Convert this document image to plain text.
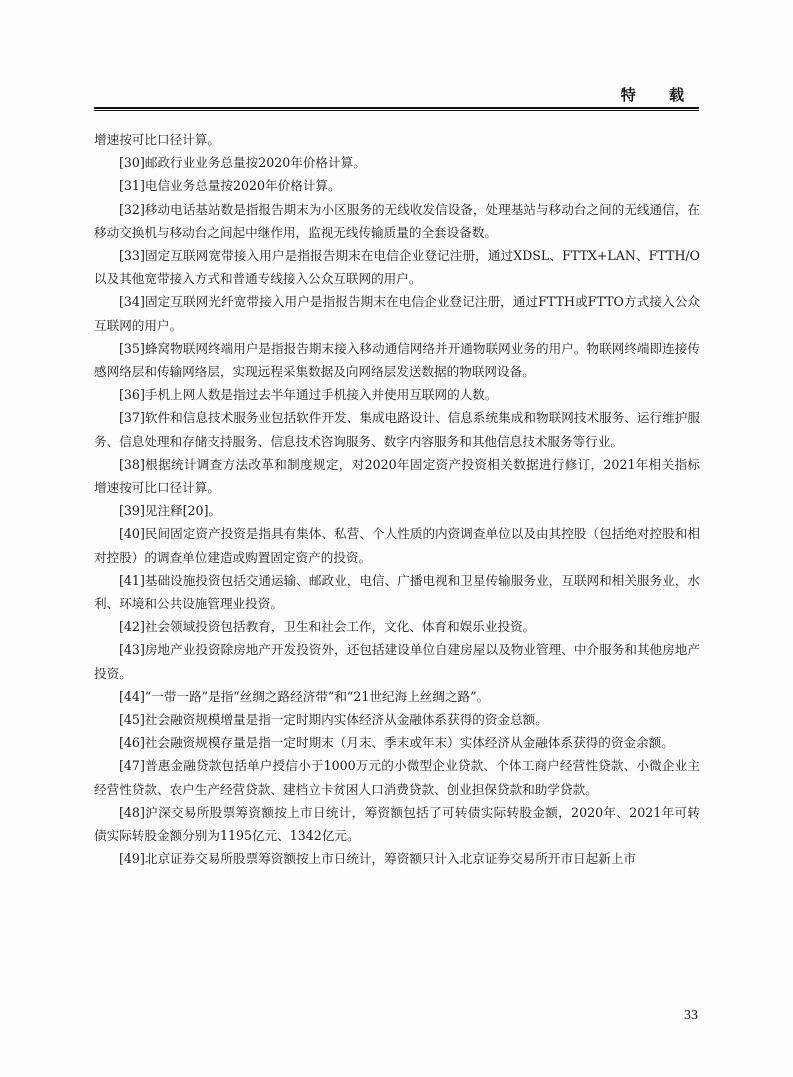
特 载

增速按可比口径计算。

[30]邮政行业业务总量按2020年价格计算。

[31]电信业务总量按2020年价格计算。

[32]移动电话基站数是指报告期末为小区服务的无线收发信设备，处理基站与移动台之间的无线通信，在移动交换机与移动台之间起中继作用，监视无线传输质量的全套设备数。

[33]固定互联网宽带接入用户是指报告期末在电信企业登记注册，通过XDSL、FTTX+LAN、FTTH/O以及其他宽带接入方式和普通专线接入公众互联网的用户。

[34]固定互联网光纤宽带接入用户是指报告期末在电信企业登记注册，通过FTTH或FTTO方式接入公众互联网的用户。

[35]蜂窝物联网终端用户是指报告期末接入移动通信网络并开通物联网业务的用户。物联网终端即连接传感网络层和传输网络层，实现远程采集数据及向网络层发送数据的物联网设备。

[36]手机上网人数是指过去半年通过手机接入并使用互联网的人数。

[37]软件和信息技术服务业包括软件开发、集成电路设计、信息系统集成和物联网技术服务、运行维护服务、信息处理和存储支持服务、信息技术咨询服务、数字内容服务和其他信息技术服务等行业。

[38]根据统计调查方法改革和制度规定，对2020年固定资产投资相关数据进行修订，2021年相关指标增速按可比口径计算。

[39]见注释[20]。

[40]民间固定资产投资是指具有集体、私营、个人性质的内资调查单位以及由其控股（包括绝对控股和相对控股）的调查单位建造或购置固定资产的投资。

[41]基础设施投资包括交通运输、邮政业，电信、广播电视和卫星传输服务业，互联网和相关服务业，水利、环境和公共设施管理业投资。

[42]社会领域投资包括教育，卫生和社会工作，文化、体育和娱乐业投资。

[43]房地产业投资除房地产开发投资外，还包括建设单位自建房屋以及物业管理、中介服务和其他房地产投资。

[44]“一带一路”是指“丝绸之路经济带”和“21世纪海上丝绸之路”。

[45]社会融资规模增量是指一定时期内实体经济从金融体系获得的资金总额。

[46]社会融资规模存量是指一定时期末（月末、季末或年末）实体经济从金融体系获得的资金余额。

[47]普惠金融贷款包括单户授信小于1000万元的小微型企业贷款、个体工商户经营性贷款、小微企业主经营性贷款、农户生产经营贷款、建档立卡贫困人口消费贷款、创业担保贷款和助学贷款。

[48]沪深交易所股票筹资额按上市日统计，筹资额包括了可转债实际转股金额，2020年、2021年可转债实际转股金额分别为1195亿元、1342亿元。

[49]北京证券交易所股票筹资额按上市日统计，筹资额只计入北京证券交易所开市日起新上市

33
